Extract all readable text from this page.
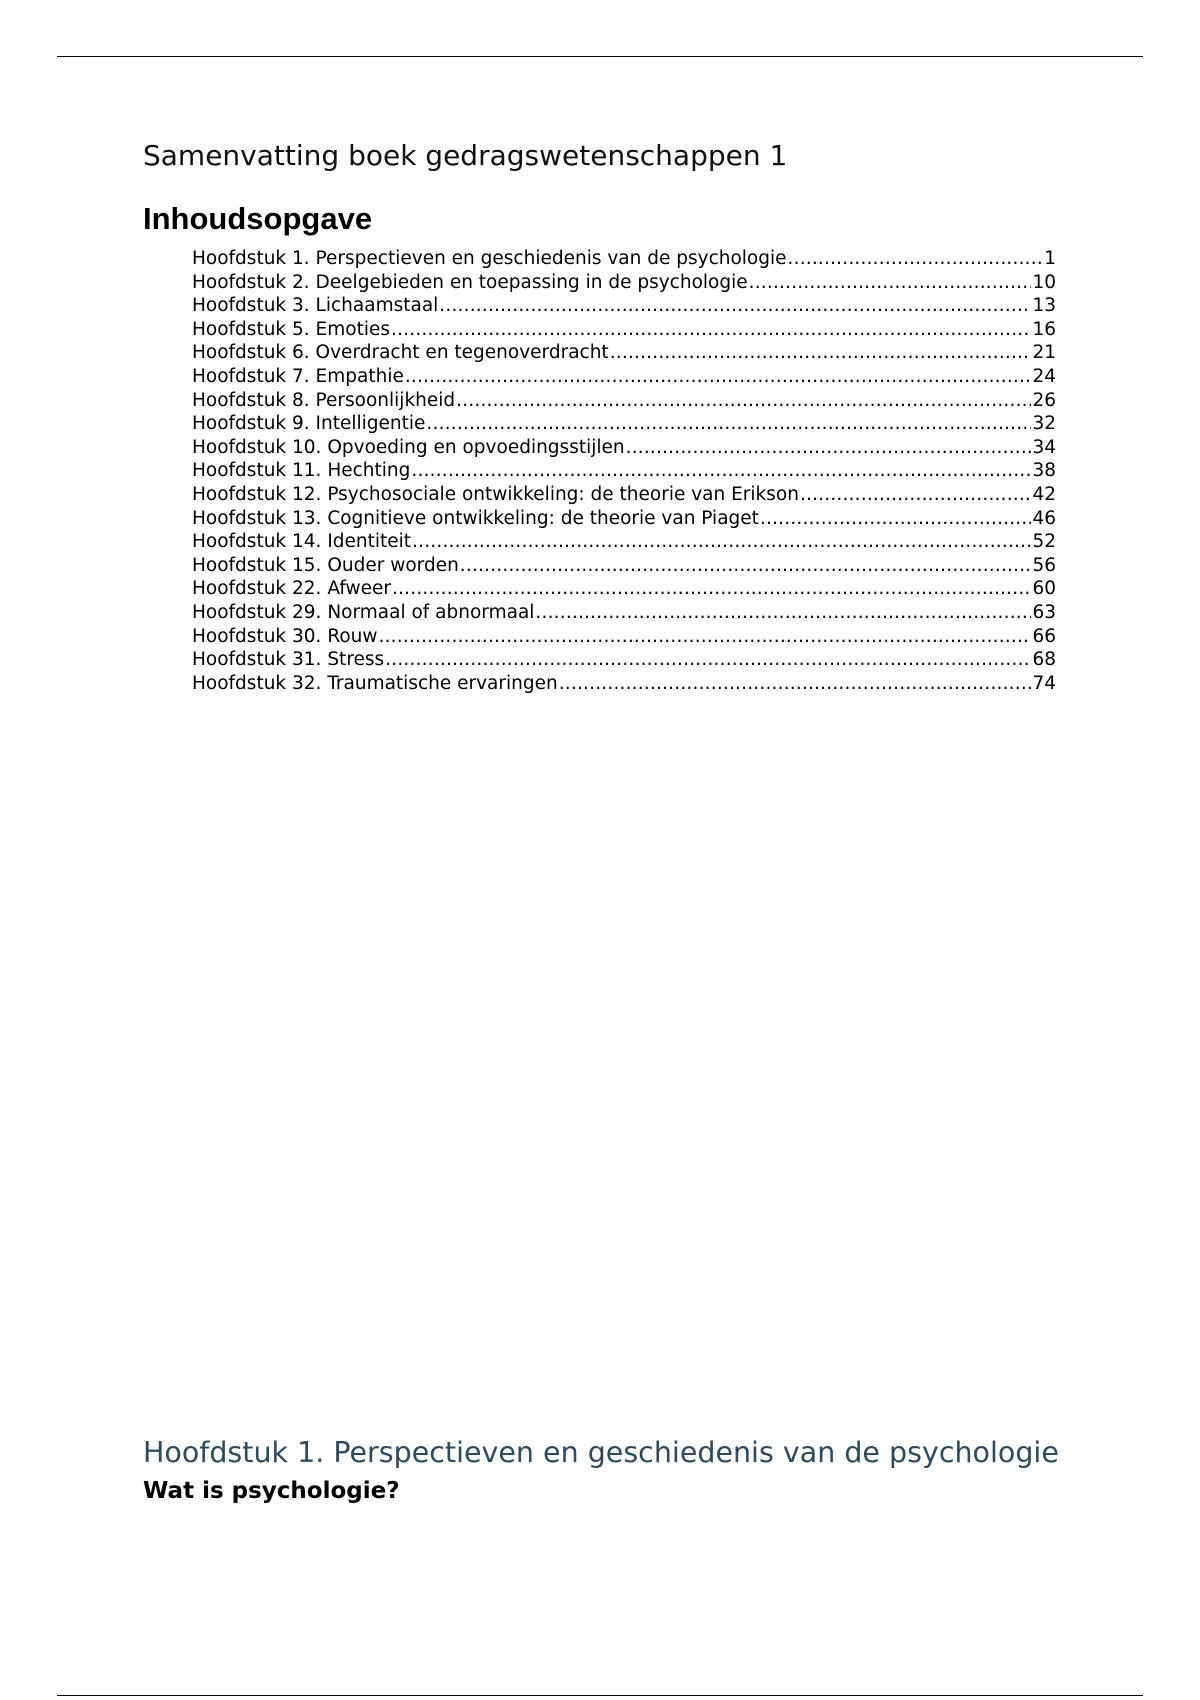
Samenvatting boek gedragswetenschappen 1
Inhoudsopgave
Hoofdstuk 1. Perspectieven en geschiedenis van de psychologie .....	1
Hoofdstuk 2. Deelgebieden en toepassing in de psychologie .....	10
Hoofdstuk 3. Lichaamstaal .....	13
Hoofdstuk 5. Emoties .....	16
Hoofdstuk 6. Overdracht en tegenoverdracht .....	21
Hoofdstuk 7. Empathie .....	24
Hoofdstuk 8. Persoonlijkheid .....	26
Hoofdstuk 9. Intelligentie .....	32
Hoofdstuk 10. Opvoeding en opvoedingsstijlen .....	34
Hoofdstuk 11. Hechting .....	38
Hoofdstuk 12. Psychosociale ontwikkeling: de theorie van Erikson .....	42
Hoofdstuk 13. Cognitieve ontwikkeling: de theorie van Piaget .....	46
Hoofdstuk 14. Identiteit .....	52
Hoofdstuk 15. Ouder worden .....	56
Hoofdstuk 22. Afweer .....	60
Hoofdstuk 29. Normaal of abnormaal .....	63
Hoofdstuk 30. Rouw .....	66
Hoofdstuk 31. Stress .....	68
Hoofdstuk 32. Traumatische ervaringen .....	74
Hoofdstuk 1. Perspectieven en geschiedenis van de psychologie
Wat is psychologie?
